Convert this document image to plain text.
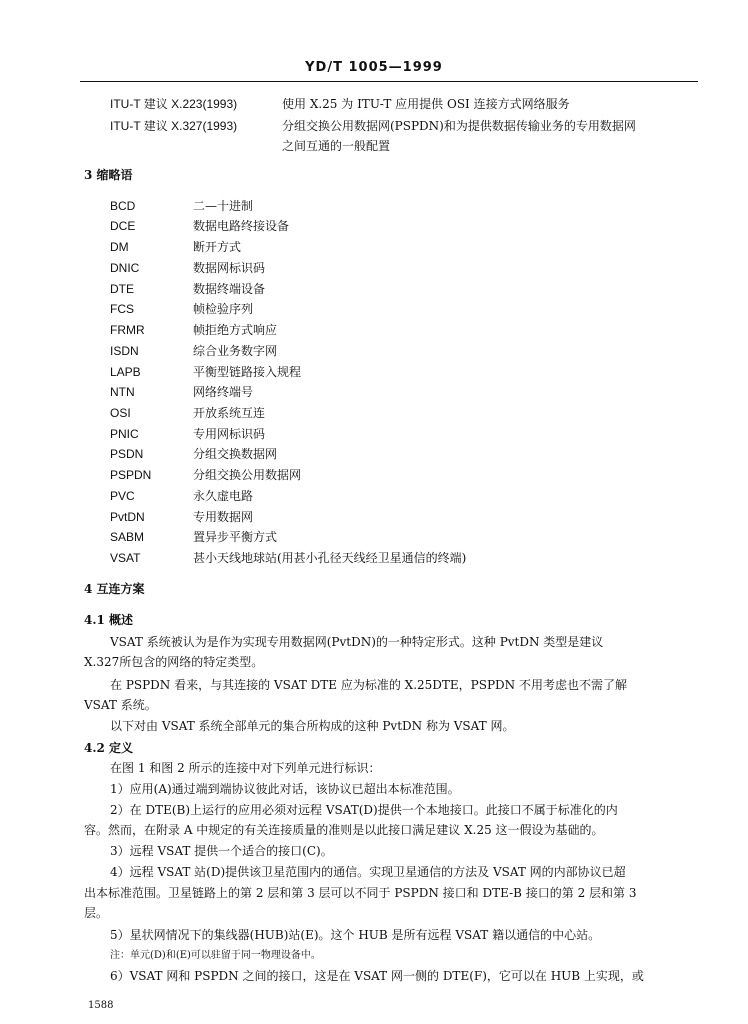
YD/T 1005—1999
ITU-T 建议 X.223(1993)	使用 X.25 为 ITU-T 应用提供 OSI 连接方式网络服务
ITU-T 建议 X.327(1993)	分组交换公用数据网(PSPDN)和为提供数据传输业务的专用数据网
之间互通的一般配置
3 缩略语
BCD	二—十进制
DCE	数据电路终接设备
DM	断开方式
DNIC	数据网标识码
DTE	数据终端设备
FCS	帧检验序列
FRMR	帧拒绝方式响应
ISDN	综合业务数字网
LAPB	平衡型链路接入规程
NTN	网络终端号
OSI	开放系统互连
PNIC	专用网标识码
PSDN	分组交换数据网
PSPDN	分组交换公用数据网
PVC	永久虚电路
PvtDN	专用数据网
SABM	置异步平衡方式
VSAT	甚小天线地球站(用甚小孔径天线经卫星通信的终端)
4 互连方案
4.1 概述
VSAT 系统被认为是作为实现专用数据网(PvtDN)的一种特定形式。这种 PvtDN 类型是建议
X.327所包含的网络的特定类型。
在 PSPDN 看来，与其连接的 VSAT DTE 应为标准的 X.25DTE，PSPDN 不用考虑也不需了解
VSAT 系统。
以下对由 VSAT 系统全部单元的集合所构成的这种 PvtDN 称为 VSAT 网。
4.2 定义
在图 1 和图 2 所示的连接中对下列单元进行标识：
1）应用(A)通过端到端协议彼此对话，该协议已超出本标准范围。
2）在 DTE(B)上运行的应用必须对远程 VSAT(D)提供一个本地接口。此接口不属于标准化的内
容。然而，在附录 A 中规定的有关连接质量的准则是以此接口满足建议 X.25 这一假设为基础的。
3）远程 VSAT 提供一个适合的接口(C)。
4）远程 VSAT 站(D)提供该卫星范围内的通信。实现卫星通信的方法及 VSAT 网的内部协议已超
出本标准范围。卫星链路上的第 2 层和第 3 层可以不同于 PSPDN 接口和 DTE-B 接口的第 2 层和第 3
层。
5）星状网情况下的集线器(HUB)站(E)。这个 HUB 是所有远程 VSAT 籍以通信的中心站。
注：单元(D)和(E)可以驻留于同一物理设备中。
6）VSAT 网和 PSPDN 之间的接口，这是在 VSAT 网一侧的 DTE(F)，它可以在 HUB 上实现，或
1588
